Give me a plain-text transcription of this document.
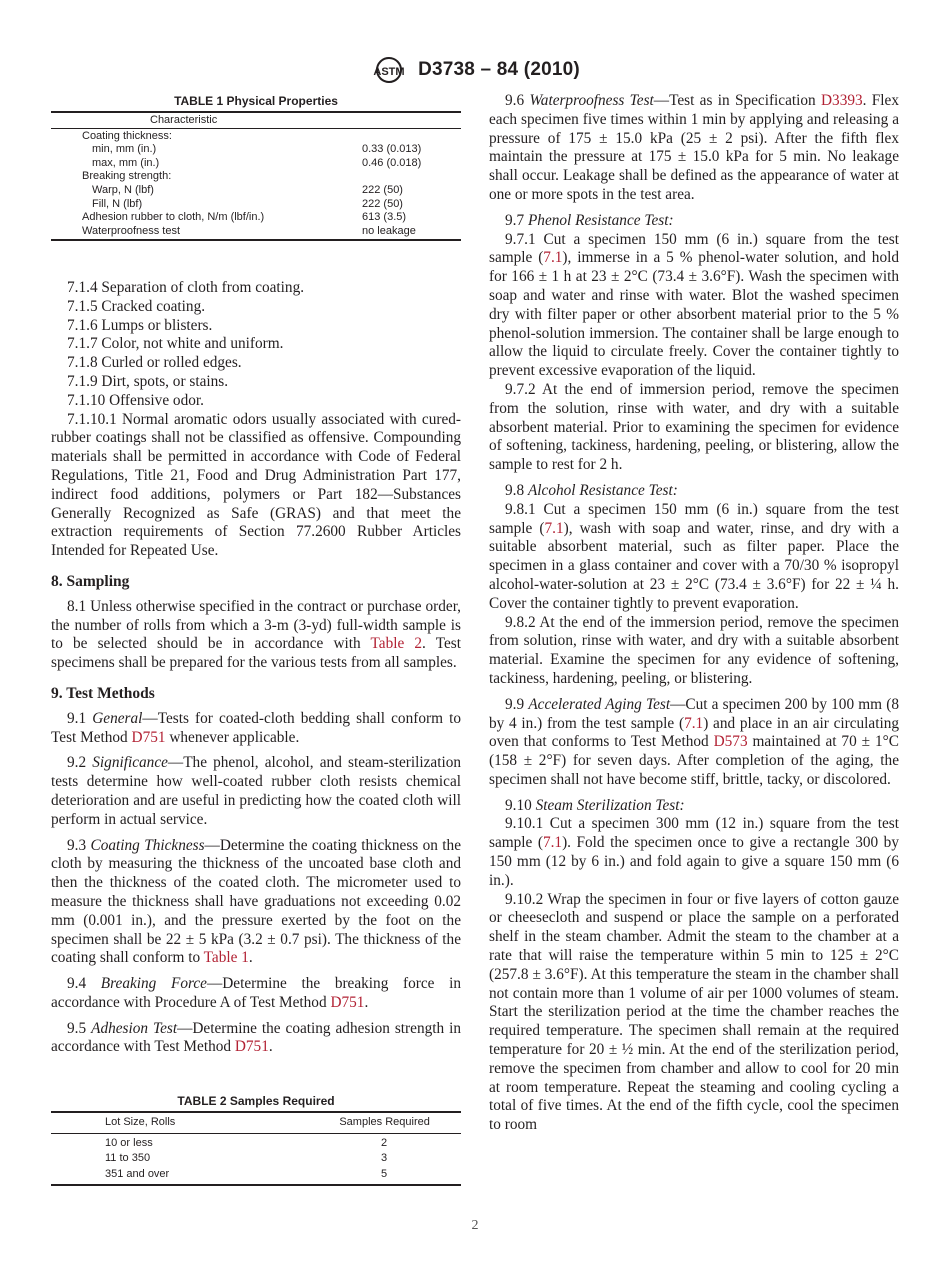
ASTM D3738 – 84 (2010)
TABLE 1 Physical Properties
Characteristic	
Coating thickness:	
min, mm (in.)	0.33 (0.013)
max, mm (in.)	0.46 (0.018)
Breaking strength:	
Warp, N (lbf)	222 (50)
Fill, N (lbf)	222 (50)
Adhesion rubber to cloth, N/m (lbf/in.)	613 (3.5)
Waterproofness test	no leakage

7.1.4 Separation of cloth from coating.

7.1.5 Cracked coating.

7.1.6 Lumps or blisters.

7.1.7 Color, not white and uniform.

7.1.8 Curled or rolled edges.

7.1.9 Dirt, spots, or stains.

7.1.10 Offensive odor.

7.1.10.1 Normal aromatic odors usually associated with cured-rubber coatings shall not be classified as offensive. Compounding materials shall be permitted in accordance with Code of Federal Regulations, Title 21, Food and Drug Administration Part 177, indirect food additions, polymers or Part 182—Substances Generally Recognized as Safe (GRAS) and that meet the extraction requirements of Section 77.2600 Rubber Articles Intended for Repeated Use.

8. Sampling

8.1 Unless otherwise specified in the contract or purchase order, the number of rolls from which a 3-m (3-yd) full-width sample is to be selected should be in accordance with Table 2. Test specimens shall be prepared for the various tests from all samples.

9. Test Methods

9.1 General—Tests for coated-cloth bedding shall conform to Test Method D751 whenever applicable.

9.2 Significance—The phenol, alcohol, and steam-sterilization tests determine how well-coated rubber cloth resists chemical deterioration and are useful in predicting how the coated cloth will perform in actual service.

9.3 Coating Thickness—Determine the coating thickness on the cloth by measuring the thickness of the uncoated base cloth and then the thickness of the coated cloth. The micrometer used to measure the thickness shall have graduations not exceeding 0.02 mm (0.001 in.), and the pressure exerted by the foot on the specimen shall be 22 ± 5 kPa (3.2 ± 0.7 psi). The thickness of the coating shall conform to Table 1.

9.4 Breaking Force—Determine the breaking force in accordance with Procedure A of Test Method D751.

9.5 Adhesion Test—Determine the coating adhesion strength in accordance with Test Method D751.

TABLE 2 Samples Required
Lot Size, Rolls	Samples Required
10 or less	2
11 to 350	3
351 and over	5

9.6 Waterproofness Test—Test as in Specification D3393. Flex each specimen five times within 1 min by applying and releasing a pressure of 175 ± 15.0 kPa (25 ± 2 psi). After the fifth flex maintain the pressure at 175 ± 15.0 kPa for 5 min. No leakage shall occur. Leakage shall be defined as the appearance of water at one or more spots in the test area.

9.7 Phenol Resistance Test:

9.7.1 Cut a specimen 150 mm (6 in.) square from the test sample (7.1), immerse in a 5 % phenol-water solution, and hold for 166 ± 1 h at 23 ± 2°C (73.4 ± 3.6°F). Wash the specimen with soap and water and rinse with water. Blot the washed specimen dry with filter paper or other absorbent material prior to the 5 % phenol-solution immersion. The container shall be large enough to allow the liquid to circulate freely. Cover the container tightly to prevent excessive evaporation of the liquid.

9.7.2 At the end of immersion period, remove the specimen from the solution, rinse with water, and dry with a suitable absorbent material. Prior to examining the specimen for evidence of softening, tackiness, hardening, peeling, or blistering, allow the sample to rest for 2 h.

9.8 Alcohol Resistance Test:

9.8.1 Cut a specimen 150 mm (6 in.) square from the test sample (7.1), wash with soap and water, rinse, and dry with a suitable absorbent material, such as filter paper. Place the specimen in a glass container and cover with a 70/30 % isopropyl alcohol-water-solution at 23 ± 2°C (73.4 ± 3.6°F) for 22 ± ¼ h. Cover the container tightly to prevent evaporation.

9.8.2 At the end of the immersion period, remove the specimen from solution, rinse with water, and dry with a suitable absorbent material. Examine the specimen for any evidence of softening, tackiness, hardening, peeling, or blistering.

9.9 Accelerated Aging Test—Cut a specimen 200 by 100 mm (8 by 4 in.) from the test sample (7.1) and place in an air circulating oven that conforms to Test Method D573 maintained at 70 ± 1°C (158 ± 2°F) for seven days. After completion of the aging, the specimen shall not have become stiff, brittle, tacky, or discolored.

9.10 Steam Sterilization Test:

9.10.1 Cut a specimen 300 mm (12 in.) square from the test sample (7.1). Fold the specimen once to give a rectangle 300 by 150 mm (12 by 6 in.) and fold again to give a square 150 mm (6 in.).

9.10.2 Wrap the specimen in four or five layers of cotton gauze or cheesecloth and suspend or place the sample on a perforated shelf in the steam chamber. Admit the steam to the chamber at a rate that will raise the temperature within 5 min to 125 ± 2°C (257.8 ± 3.6°F). At this temperature the steam in the chamber shall not contain more than 1 volume of air per 1000 volumes of steam. Start the sterilization period at the time the chamber reaches the required temperature. The specimen shall remain at the required temperature for 20 ± ½ min. At the end of the sterilization period, remove the specimen from chamber and allow to cool for 20 min at room temperature. Repeat the steaming and cooling cycling a total of five times. At the end of the fifth cycle, cool the specimen to room

2
